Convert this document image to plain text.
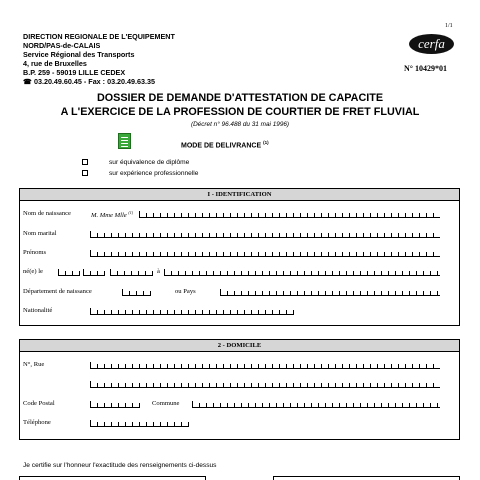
1/1
DIRECTION REGIONALE DE L'EQUIPEMENT
NORD/PAS-de-CALAIS
Service Régional des Transports
4, rue de Bruxelles
B.P. 259 - 59019 LILLE CEDEX
☎ 03.20.49.60.45 - Fax : 03.20.49.63.35
cerfa
N° 10429*01
DOSSIER DE DEMANDE D'ATTESTATION DE CAPACITE
A L'EXERCICE DE LA PROFESSION DE COURTIER DE FRET FLUVIAL
(Décret n° 96.488 du 31 mai 1996)
MODE DE DELIVRANCE $^{(1)}$
sur équivalence de diplôme
sur expérience professionnelle
I - IDENTIFICATION
Nom de naissance	M. Mme Mlle $^{(1)}$
Nom marital
Prénoms
né(e) le	à
Département de naissance	ou Pays
Nationalité
2 - DOMICILE
N°, Rue
Code Postal	Commune
Téléphone
Je certifie sur l'honneur l'exactitude des renseignements ci-dessus
